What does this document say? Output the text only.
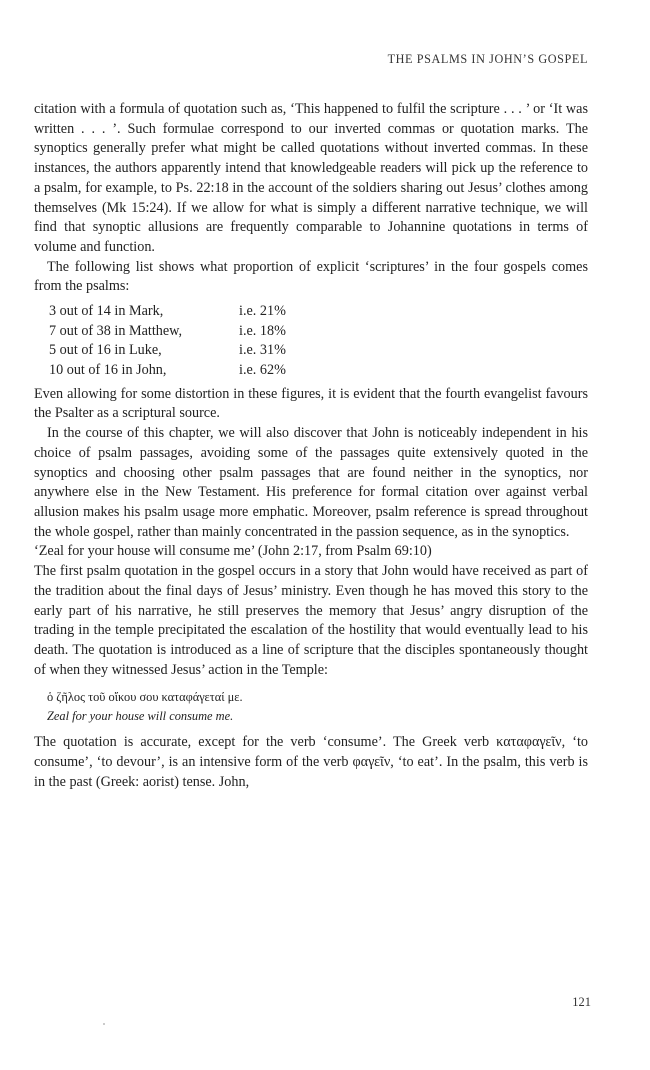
THE PSALMS IN JOHN’S GOSPEL

citation with a formula of quotation such as, ‘This happened to fulfil the scripture . . . ’ or ‘It was written . . . ’. Such formulae correspond to our inverted commas or quotation marks. The synoptics generally prefer what might be called quotations without inverted commas. In these instances, the authors apparently intend that knowledgeable readers will pick up the reference to a psalm, for example, to Ps. 22:18 in the account of the soldiers sharing out Jesus’ clothes among themselves (Mk 15:24). If we allow for what is simply a different narrative technique, we will find that synoptic allusions are frequently comparable to Johannine quotations in terms of volume and function.

The following list shows what proportion of explicit ‘scriptures’ in the four gospels comes from the psalms:

3 out of 14 in Mark,	i.e. 21%
7 out of 38 in Matthew,	i.e. 18%
5 out of 16 in Luke,	i.e. 31%
10 out of 16 in John,	i.e. 62%

Even allowing for some distortion in these figures, it is evident that the fourth evangelist favours the Psalter as a scriptural source.

In the course of this chapter, we will also discover that John is noticeably independent in his choice of psalm passages, avoiding some of the passages quite extensively quoted in the synoptics and choosing other psalm passages that are found neither in the synoptics, nor anywhere else in the New Testament. His preference for formal citation over against verbal allusion makes his psalm usage more emphatic. Moreover, psalm reference is spread throughout the whole gospel, rather than mainly concentrated in the passion sequence, as in the synoptics.

‘Zeal for your house will consume me’ (John 2:17, from Psalm 69:10)

The first psalm quotation in the gospel occurs in a story that John would have received as part of the tradition about the final days of Jesus’ ministry. Even though he has moved this story to the early part of his narrative, he still preserves the memory that Jesus’ angry disruption of the trading in the temple precipitated the escalation of the hostility that would eventually lead to his death. The quotation is introduced as a line of scripture that the disciples spontaneously thought of when they witnessed Jesus’ action in the Temple:

ὁ ζῆλος τοῦ οἴκου σου καταφάγεταί με.
Zeal for your house will consume me.

The quotation is accurate, except for the verb ‘consume’. The Greek verb καταφαγεῖν, ‘to consume’, ‘to devour’, is an intensive form of the verb φαγεῖν, ‘to eat’. In the psalm, this verb is in the past (Greek: aorist) tense. John,

121
